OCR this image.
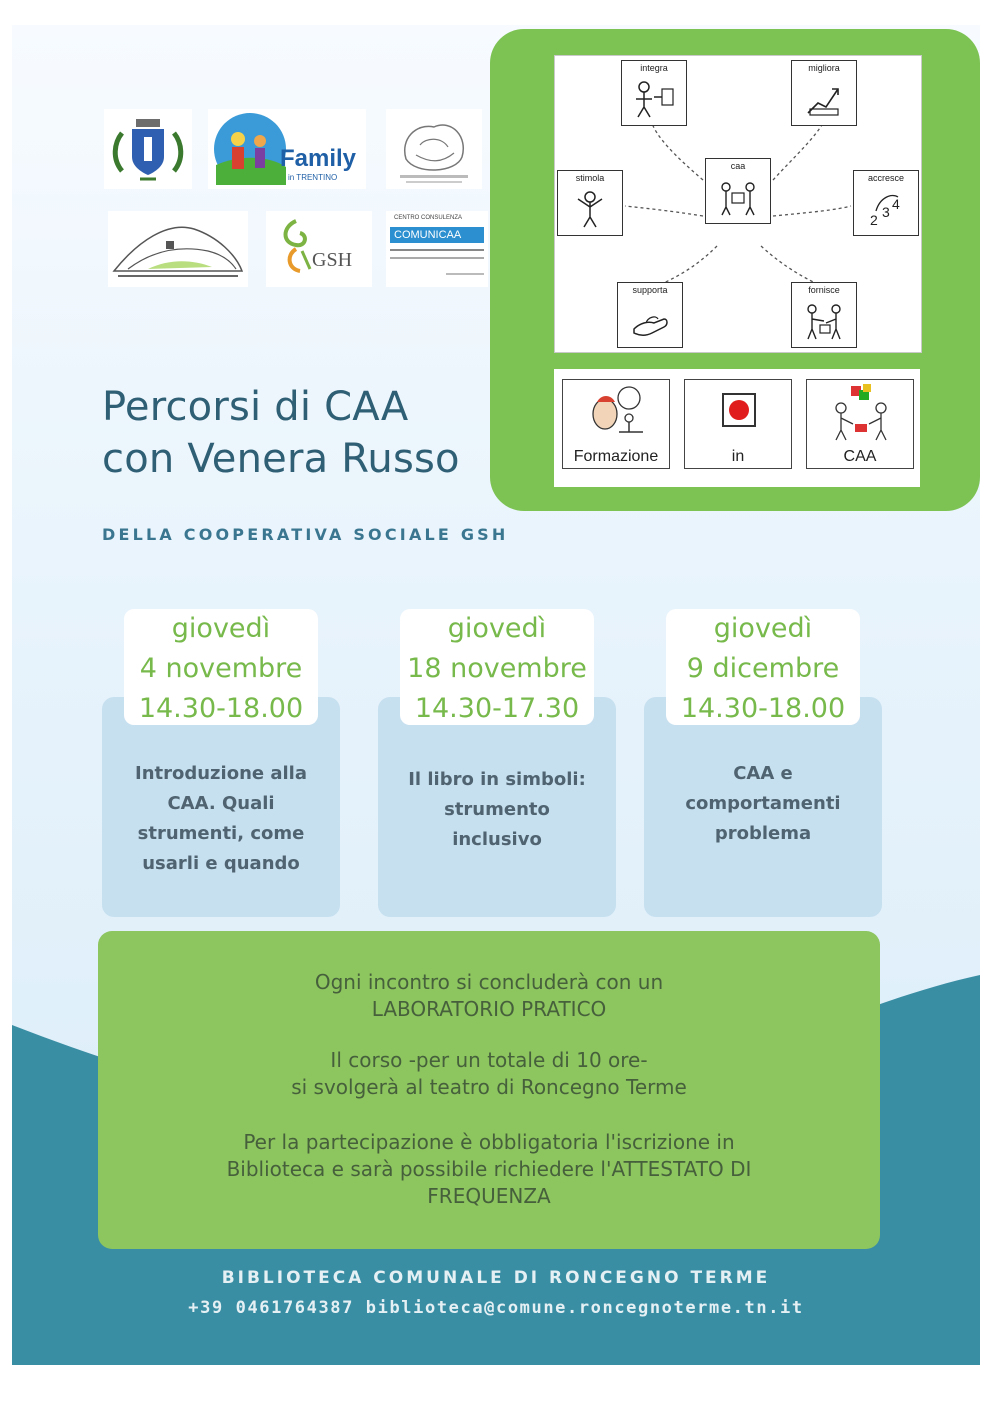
Family
in TRENTINO
GSH
CENTRO CONSULENZA
COMUNICAA
Percorsi di CAA
con Venera Russo

DELLA COOPERATIVA SOCIALE GSH

integra	migliora
stimola
caa
accresce
2 3 4
supporta	fornisce
Formazione	in	CAA
giovedì
4 novembre
14.30-18.00
Introduzione alla
CAA. Quali
strumenti, come
usarli e quando
giovedì
18 novembre
14.30-17.30
Il libro in simboli:
strumento
inclusivo
giovedì
9 dicembre
14.30-18.00
CAA e
comportamenti
problema

Ogni incontro si concluderà con un
LABORATORIO PRATICO

Il corso -per un totale di 10 ore-
si svolgerà al teatro di Roncegno Terme

Per la partecipazione è obbligatoria l'iscrizione in
Biblioteca e sarà possibile richiedere l'ATTESTATO DI
FREQUENZA

BIBLIOTECA COMUNALE DI RONCEGNO TERME
+39 0461764387 biblioteca@comune.roncegnoterme.tn.it
